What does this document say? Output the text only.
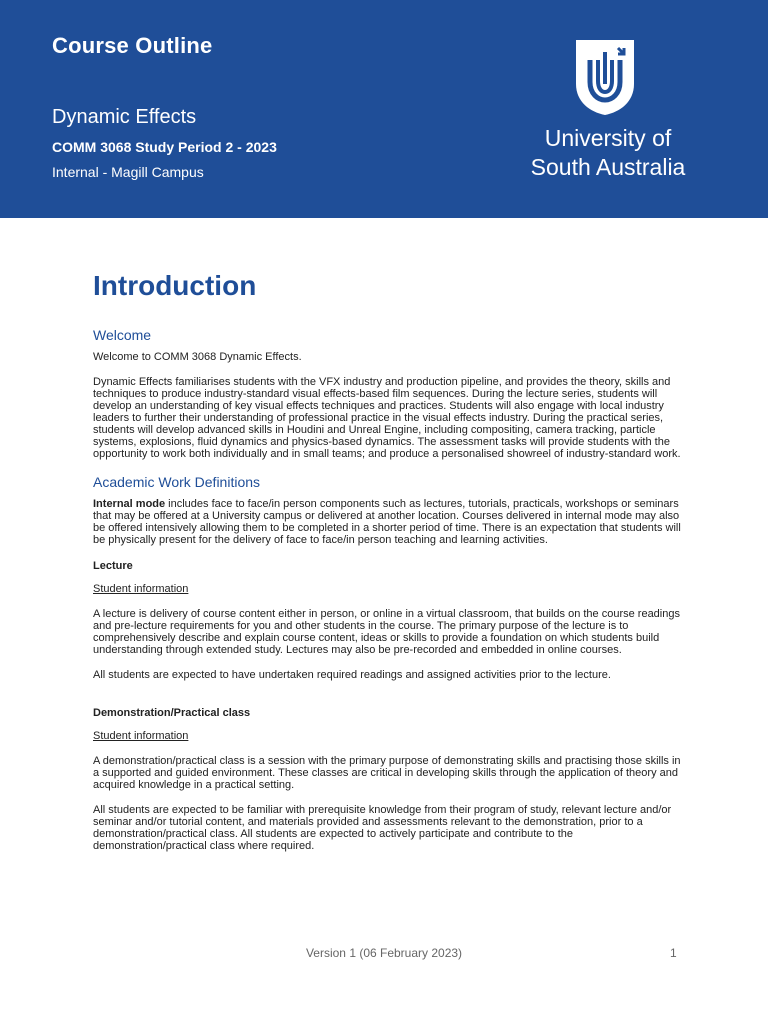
Course Outline
Dynamic Effects
COMM 3068 Study Period 2 - 2023
Internal - Magill Campus
University of
South Australia
Introduction
Welcome

Welcome to COMM 3068 Dynamic Effects.

Dynamic Effects familiarises students with the VFX industry and production pipeline, and provides the theory, skills and techniques to produce industry-standard visual effects-based film sequences. During the lecture series, students will develop an understanding of key visual effects techniques and practices. Students will also engage with local industry leaders to further their understanding of professional practice in the visual effects industry. During the practical series, students will develop advanced skills in Houdini and Unreal Engine, including compositing, camera tracking, particle systems, explosions, fluid dynamics and physics-based dynamics. The assessment tasks will provide students with the opportunity to work both individually and in small teams; and produce a personalised showreel of industry-standard work.

Academic Work Definitions

Internal mode includes face to face/in person components such as lectures, tutorials, practicals, workshops or seminars that may be offered at a University campus or delivered at another location. Courses delivered in internal mode may also be offered intensively allowing them to be completed in a shorter period of time. There is an expectation that students will be physically present for the delivery of face to face/in person teaching and learning activities.

Lecture

Student information

A lecture is delivery of course content either in person, or online in a virtual classroom, that builds on the course readings and pre-lecture requirements for you and other students in the course. The primary purpose of the lecture is to comprehensively describe and explain course content, ideas or skills to provide a foundation on which students build understanding through extended study. Lectures may also be pre-recorded and embedded in online courses.

All students are expected to have undertaken required readings and assigned activities prior to the lecture.

Demonstration/Practical class

Student information

A demonstration/practical class is a session with the primary purpose of demonstrating skills and practising those skills in a supported and guided environment. These classes are critical in developing skills through the application of theory and acquired knowledge in a practical setting.

All students are expected to be familiar with prerequisite knowledge from their program of study, relevant lecture and/or seminar and/or tutorial content, and materials provided and assessments relevant to the demonstration, prior to a demonstration/practical class. All students are expected to actively participate and contribute to the demonstration/practical class where required.

Version 1 (06 February 2023)	1
